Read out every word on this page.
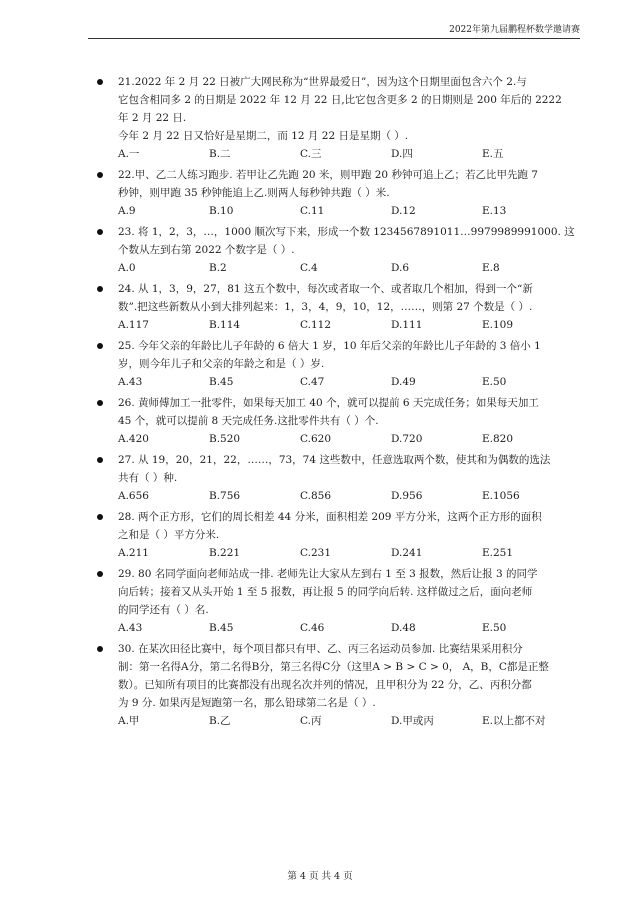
2022年第九届鹏程杯数学邀请赛
21.2022 年 2 月 22 日被广大网民称为“世界最爱日”，因为这个日期里面包含六个 2.与
它包含相同多 2 的日期是 2022 年 12 月 22 日,比它包含更多 2 的日期则是 200 年后的 2222
年 2 月 22 日.
今年 2 月 22 日又恰好是星期二，而 12 月 22 日是星期（ ）.
A.一	B.二	C.三	D.四	E.五
22.甲、乙二人练习跑步. 若甲让乙先跑 20 米，则甲跑 20 秒钟可追上乙；若乙比甲先跑 7
秒钟，则甲跑 35 秒钟能追上乙.则两人每秒钟共跑（ ）米.
A.9	B.10	C.11	D.12	E.13
23. 将 1，2，3，…，1000 顺次写下来，形成一个数 1234567891011…9979989991000. 这
个数从左到右第 2022 个数字是（ ）.
A.0	B.2	C.4	D.6	E.8
24. 从 1，3，9，27，81 这五个数中，每次或者取一个、或者取几个相加，得到一个“新
数”.把这些新数从小到大排列起来：1，3，4，9，10，12，……，则第 27 个数是（ ）.
A.117	B.114	C.112	D.111	E.109
25. 今年父亲的年龄比儿子年龄的 6 倍大 1 岁，10 年后父亲的年龄比儿子年龄的 3 倍小 1
岁，则今年儿子和父亲的年龄之和是（ ）岁.
A.43	B.45	C.47	D.49	E.50
26. 黄师傅加工一批零件，如果每天加工 40 个，就可以提前 6 天完成任务；如果每天加工
45 个，就可以提前 8 天完成任务.这批零件共有（ ）个.
A.420	B.520	C.620	D.720	E.820
27. 从 19，20，21，22，……，73，74 这些数中，任意选取两个数，使其和为偶数的选法
共有（ ）种.
A.656	B.756	C.856	D.956	E.1056
28. 两个正方形，它们的周长相差 44 分米，面积相差 209 平方分米，这两个正方形的面积
之和是（ ）平方分米.
A.211	B.221	C.231	D.241	E.251
29. 80 名同学面向老师站成一排. 老师先让大家从左到右 1 至 3 报数，然后让报 3 的同学
向后转；接着又从头开始 1 至 5 报数，再让报 5 的同学向后转. 这样做过之后，面向老师
的同学还有（ ）名.
A.43	B.45	C.46	D.48	E.50
30. 在某次田径比赛中，每个项目都只有甲、乙、丙三名运动员参加. 比赛结果采用积分
制：第一名得A分，第二名得B分，第三名得C分（这里A > B > C > 0， A，B，C都是正整
数）。已知所有项目的比赛都没有出现名次并列的情况，且甲积分为 22 分，乙、丙积分都
为 9 分. 如果丙是短跑第一名，那么铅球第二名是（ ）.
A.甲	B.乙	C.丙	D.甲或丙	E.以上都不对
第 4 页 共 4 页
